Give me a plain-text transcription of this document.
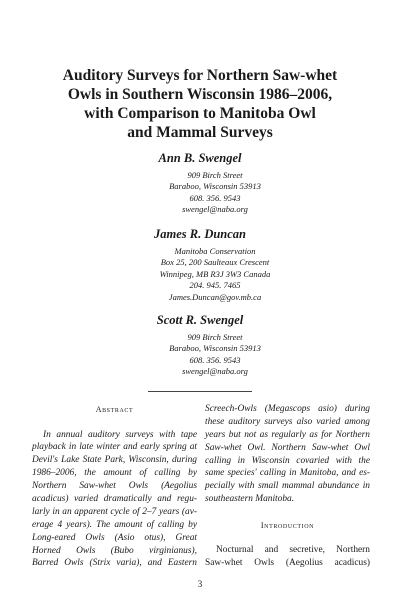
Auditory Surveys for Northern Saw-whet
Owls in Southern Wisconsin 1986–2006,
with Comparison to Manitoba Owl
and Mammal Surveys
Ann B. Swengel
909 Birch Street
Baraboo, Wisconsin 53913
608. 356. 9543
swengel@naba.org
James R. Duncan
Manitoba Conservation
Box 25, 200 Saulteaux Crescent
Winnipeg, MB R3J 3W3 Canada
204. 945. 7465
James.Duncan@gov.mb.ca
Scott R. Swengel
909 Birch Street
Baraboo, Wisconsin 53913
608. 356. 9543
swengel@naba.org
Abstract
In annual auditory surveys with tape
playback in late winter and early spring at
Devil's Lake State Park, Wisconsin, during
1986–2006, the amount of calling by
Northern Saw-whet Owls (Aegolius
acadicus) varied dramatically and regu-
larly in an apparent cycle of 2–7 years (av-
erage 4 years). The amount of calling by
Long-eared Owls (Asio otus), Great
Horned Owls (Bubo virginianus),
Barred Owls (Strix varia), and Eastern
Screech-Owls (Megascops asio) during
these auditory surveys also varied among
years but not as regularly as for Northern
Saw-whet Owl. Northern Saw-whet Owl
calling in Wisconsin covaried with the
same species' calling in Manitoba, and es-
pecially with small mammal abundance in
southeastern Manitoba.
Introduction
Nocturnal and secretive, Northern
Saw-whet Owls (Aegolius acadicus)
3
